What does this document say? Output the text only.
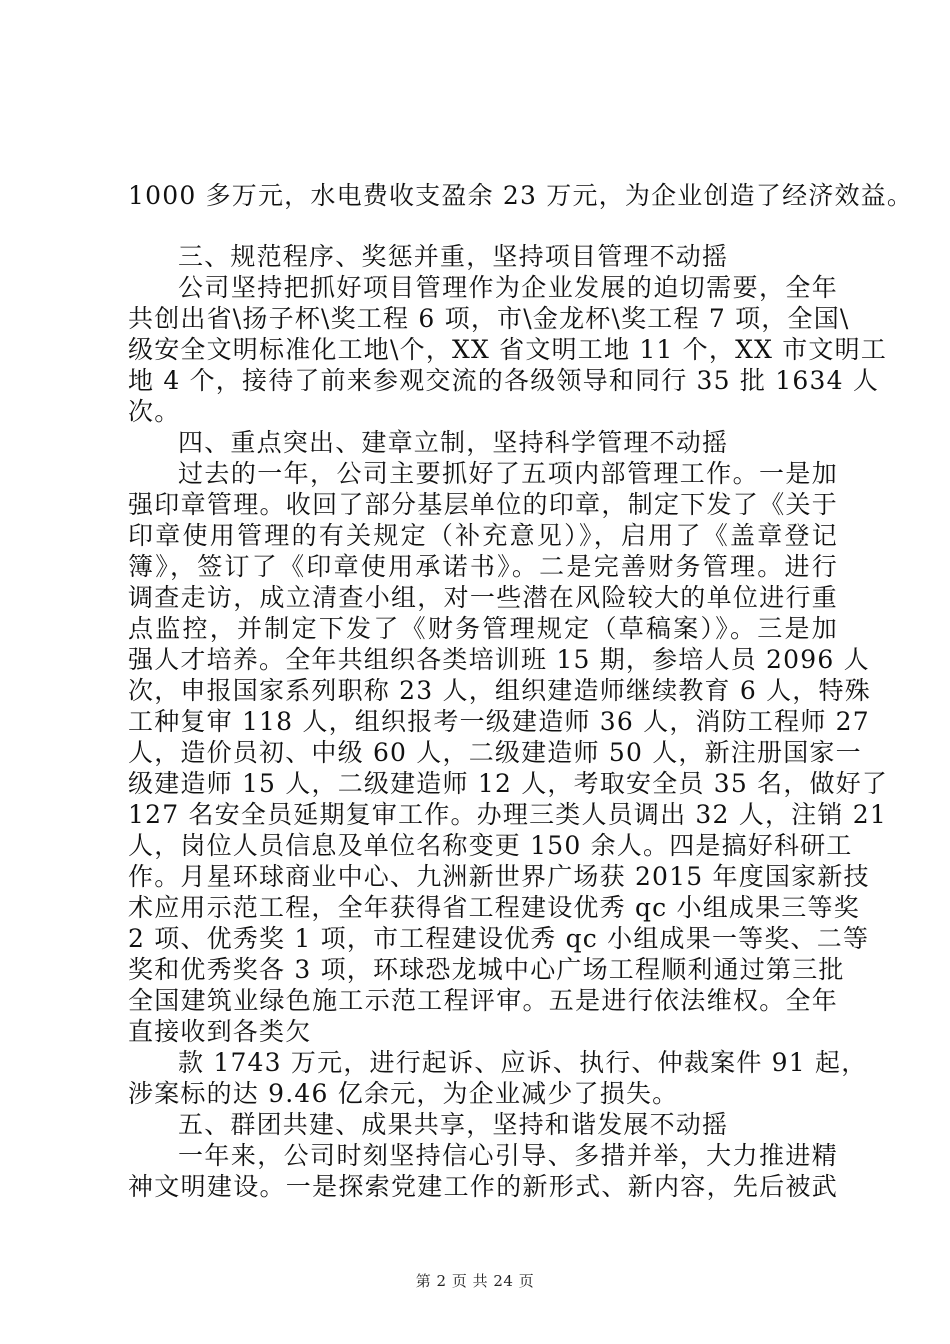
1000 多万元，水电费收支盈余 23 万元，为企业创造了经济效益。
三、规范程序、奖惩并重，坚持项目管理不动摇
公司坚持把抓好项目管理作为企业发展的迫切需要，全年
共创出省\扬子杯\奖工程 6 项，市\金龙杯\奖工程 7 项，全国\
级安全文明标准化工地\个，XX 省文明工地 11 个，XX 市文明工
地 4 个，接待了前来参观交流的各级领导和同行 35 批 1634 人
次。
四、重点突出、建章立制，坚持科学管理不动摇
过去的一年，公司主要抓好了五项内部管理工作。一是加
强印章管理。收回了部分基层单位的印章，制定下发了《关于
印章使用管理的有关规定（补充意见）》，启用了《盖章登记
簿》，签订了《印章使用承诺书》。二是完善财务管理。进行
调查走访，成立清查小组，对一些潜在风险较大的单位进行重
点监控，并制定下发了《财务管理规定（草稿案）》。三是加
强人才培养。全年共组织各类培训班 15 期，参培人员 2096 人
次，申报国家系列职称 23 人，组织建造师继续教育 6 人，特殊
工种复审 118 人，组织报考一级建造师 36 人，消防工程师 27
人，造价员初、中级 60 人，二级建造师 50 人，新注册国家一
级建造师 15 人，二级建造师 12 人，考取安全员 35 名，做好了
127 名安全员延期复审工作。办理三类人员调出 32 人，注销 21
人，岗位人员信息及单位名称变更 150 余人。四是搞好科研工
作。月星环球商业中心、九洲新世界广场获 2015 年度国家新技
术应用示范工程，全年获得省工程建设优秀 qc 小组成果三等奖
2 项、优秀奖 1 项，市工程建设优秀 qc 小组成果一等奖、二等
奖和优秀奖各 3 项，环球恐龙城中心广场工程顺利通过第三批
全国建筑业绿色施工示范工程评审。五是进行依法维权。全年
直接收到各类欠
款 1743 万元，进行起诉、应诉、执行、仲裁案件 91 起，
涉案标的达 9.46 亿余元，为企业减少了损失。
五、群团共建、成果共享，坚持和谐发展不动摇
一年来，公司时刻坚持信心引导、多措并举，大力推进精
神文明建设。一是探索党建工作的新形式、新内容，先后被武
第 2 页 共 24 页
